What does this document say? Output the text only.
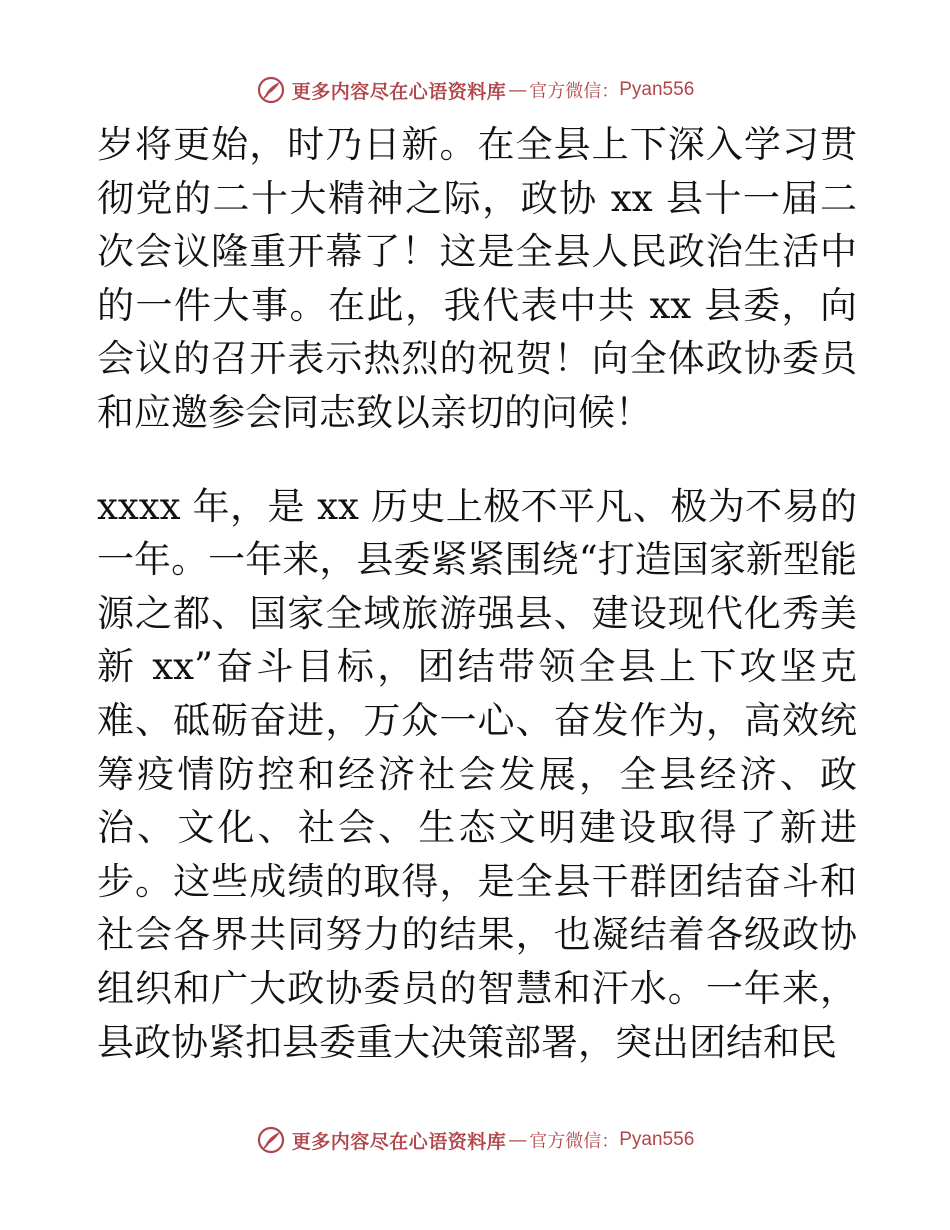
更多内容尽在心语资料库 — 官方微信： Pyan556

岁将更始，时乃日新。在全县上下深入学习贯彻党的二十大精神之际，政协 xx 县十一届二次会议隆重开幕了！这是全县人民政治生活中的一件大事。在此，我代表中共 xx 县委，向会议的召开表示热烈的祝贺！向全体政协委员和应邀参会同志致以亲切的问候！

xxxx 年，是 xx 历史上极不平凡、极为不易的一年。一年来，县委紧紧围绕“打造国家新型能源之都、国家全域旅游强县、建设现代化秀美新 xx”奋斗目标，团结带领全县上下攻坚克难、砥砺奋进，万众一心、奋发作为，高效统筹疫情防控和经济社会发展，全县经济、政治、文化、社会、生态文明建设取得了新进步。这些成绩的取得，是全县干群团结奋斗和社会各界共同努力的结果，也凝结着各级政协组织和广大政协委员的智慧和汗水。一年来，县政协紧扣县委重大决策部署，突出团结和民

更多内容尽在心语资料库 — 官方微信： Pyan556
